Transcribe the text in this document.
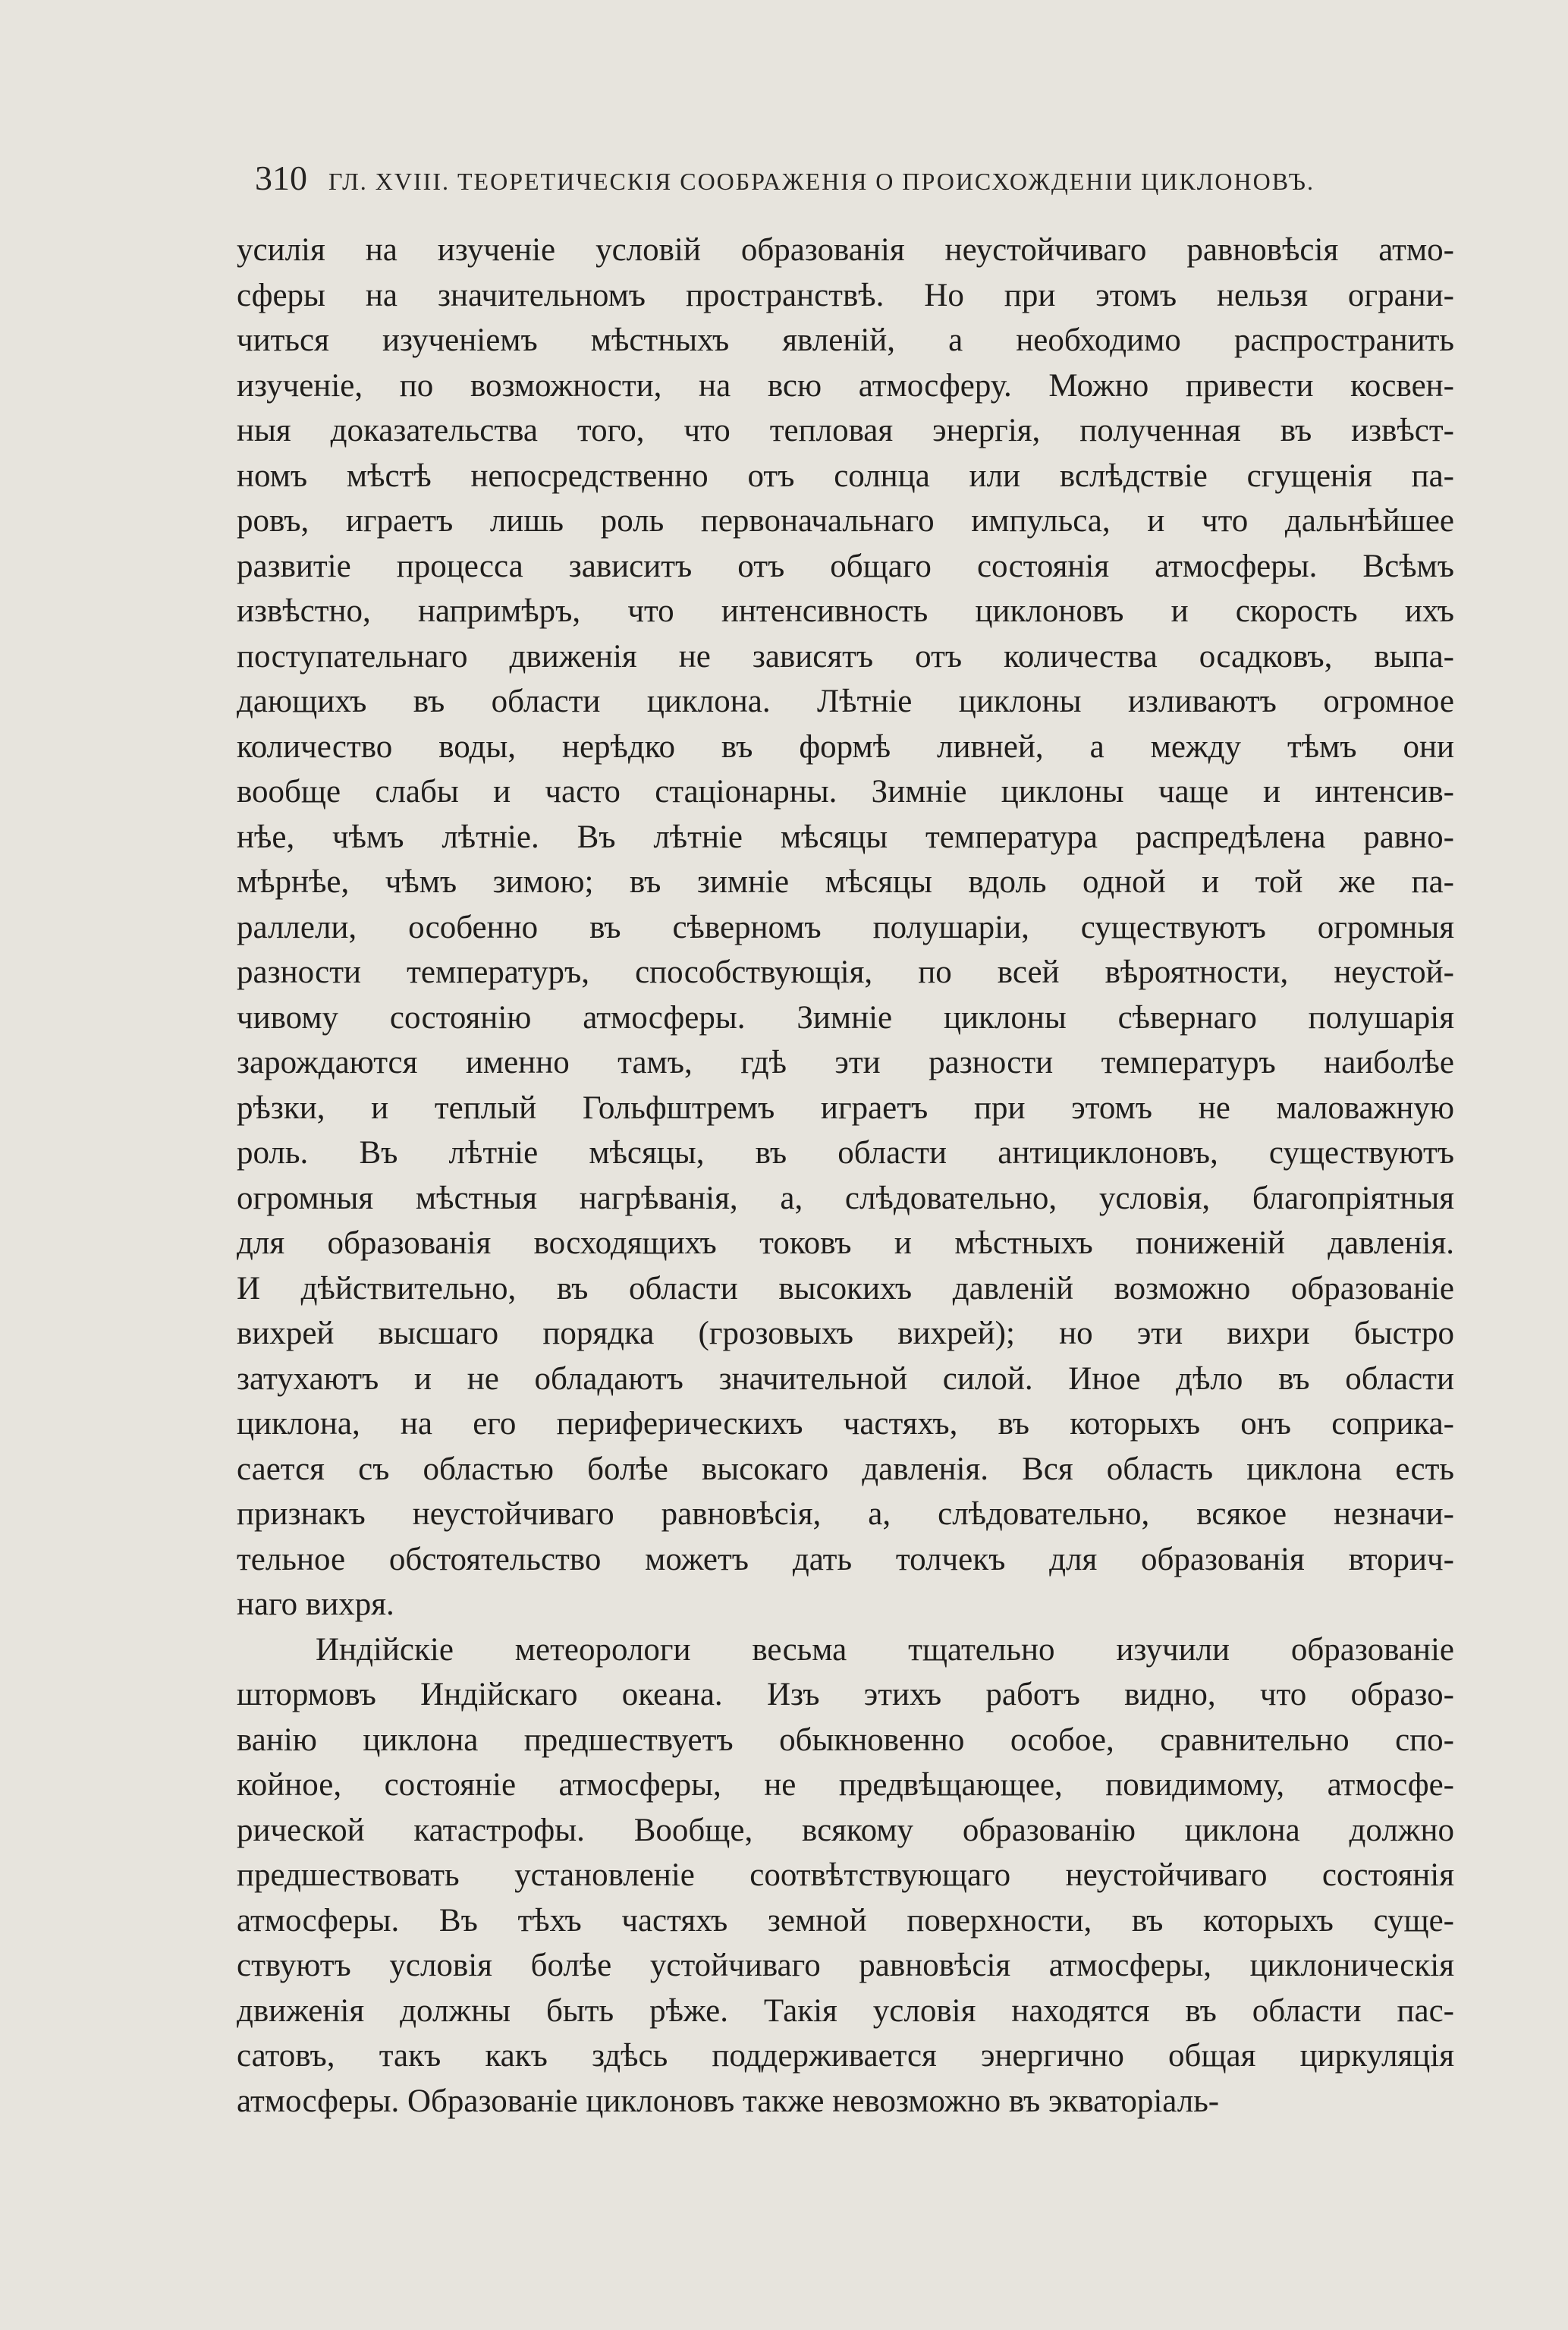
310 ГЛ. XVIII. ТЕОРЕТИЧЕСКІЯ СООБРАЖЕНІЯ О ПРОИСХОЖДЕНІИ ЦИКЛОНОВЪ.
усилія на изученіе условій образованія неустойчиваго равновѣсія атмо-
сферы на значительномъ пространствѣ. Но при этомъ нельзя ограни-
читься изученіемъ мѣстныхъ явленій, а необходимо распространить
изученіе, по возможности, на всю атмосферу. Можно привести косвен-
ныя доказательства того, что тепловая энергія, полученная въ извѣст-
номъ мѣстѣ непосредственно отъ солнца или вслѣдствіе сгущенія па-
ровъ, играетъ лишь роль первоначальнаго импульса, и что дальнѣйшее
развитіе процесса зависитъ отъ общаго состоянія атмосферы. Всѣмъ
извѣстно, напримѣръ, что интенсивность циклоновъ и скорость ихъ
поступательнаго движенія не зависятъ отъ количества осадковъ, выпа-
дающихъ въ области циклона. Лѣтніе циклоны изливаютъ огромное
количество воды, нерѣдко въ формѣ ливней, а между тѣмъ они
вообще слабы и часто стаціонарны. Зимніе циклоны чаще и интенсив-
нѣе, чѣмъ лѣтніе. Въ лѣтніе мѣсяцы температура распредѣлена равно-
мѣрнѣе, чѣмъ зимою; въ зимніе мѣсяцы вдоль одной и той же па-
раллели, особенно въ сѣверномъ полушаріи, существуютъ огромныя
разности температуръ, способствующія, по всей вѣроятности, неустой-
чивому состоянію атмосферы. Зимніе циклоны сѣвернаго полушарія
зарождаются именно тамъ, гдѣ эти разности температуръ наиболѣе
рѣзки, и теплый Гольфштремъ играетъ при этомъ не маловажную
роль. Въ лѣтніе мѣсяцы, въ области антициклоновъ, существуютъ
огромныя мѣстныя нагрѣванія, а, слѣдовательно, условія, благопріятныя
для образованія восходящихъ токовъ и мѣстныхъ пониженій давленія.
И дѣйствительно, въ области высокихъ давленій возможно образованіе
вихрей высшаго порядка (грозовыхъ вихрей); но эти вихри быстро
затухаютъ и не обладаютъ значительной силой. Иное дѣло въ области
циклона, на его периферическихъ частяхъ, въ которыхъ онъ соприка-
сается съ областью болѣе высокаго давленія. Вся область циклона есть
признакъ неустойчиваго равновѣсія, а, слѣдовательно, всякое незначи-
тельное обстоятельство можетъ дать толчекъ для образованія вторич-
наго вихря.
Индійскіе метеорологи весьма тщательно изучили образованіе
штормовъ Индійскаго океана. Изъ этихъ работъ видно, что образо-
ванію циклона предшествуетъ обыкновенно особое, сравнительно спо-
койное, состояніе атмосферы, не предвѣщающее, повидимому, атмосфе-
рической катастрофы. Вообще, всякому образованію циклона должно
предшествовать установленіе соотвѣтствующаго неустойчиваго состоянія
атмосферы. Въ тѣхъ частяхъ земной поверхности, въ которыхъ суще-
ствуютъ условія болѣе устойчиваго равновѣсія атмосферы, циклоническія
движенія должны быть рѣже. Такія условія находятся въ области пас-
сатовъ, такъ какъ здѣсь поддерживается энергично общая циркуляція
атмосферы. Образованіе циклоновъ также невозможно въ экваторіаль-
